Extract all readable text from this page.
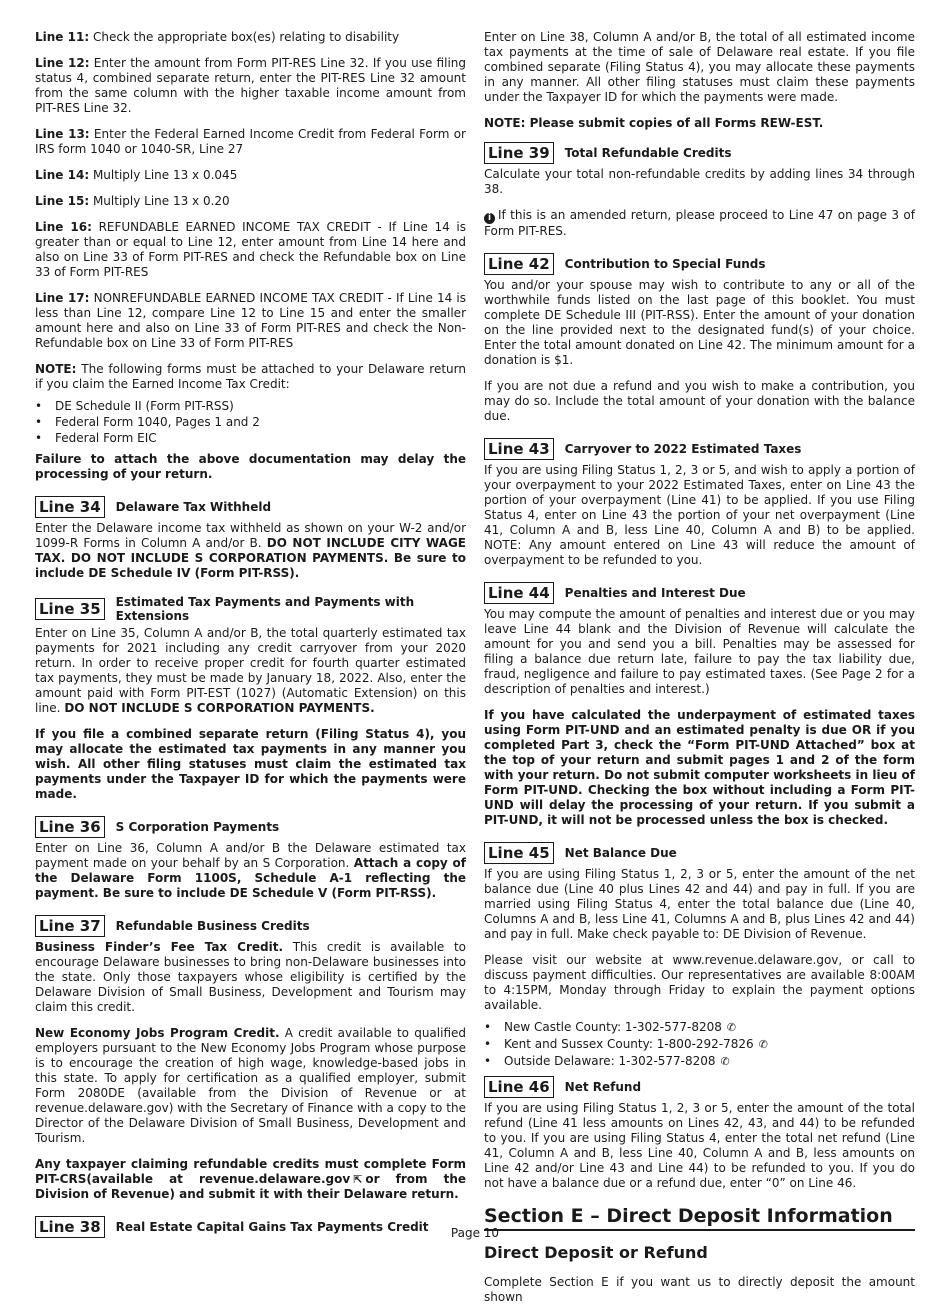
Line 11: Check the appropriate box(es) relating to disability

Line 12: Enter the amount from Form PIT-RES Line 32. If you use filing status 4, combined separate return, enter the PIT-RES Line 32 amount from the same column with the higher taxable income amount from PIT-RES Line 32.

Line 13: Enter the Federal Earned Income Credit from Federal Form or IRS form 1040 or 1040-SR, Line 27

Line 14: Multiply Line 13 x 0.045

Line 15: Multiply Line 13 x 0.20

Line 16: REFUNDABLE EARNED INCOME TAX CREDIT - If Line 14 is greater than or equal to Line 12, enter amount from Line 14 here and also on Line 33 of Form PIT-RES and check the Refundable box on Line 33 of Form PIT-RES

Line 17: NONREFUNDABLE EARNED INCOME TAX CREDIT - If Line 14 is less than Line 12, compare Line 12 to Line 15 and enter the smaller amount here and also on Line 33 of Form PIT-RES and check the Non-Refundable box on Line 33 of Form PIT-RES

NOTE: The following forms must be attached to your Delaware return if you claim the Earned Income Tax Credit:

• DE Schedule II (Form PIT-RSS)
• Federal Form 1040, Pages 1 and 2
• Federal Form EIC

Failure to attach the above documentation may delay the processing of your return.

Line 34	Delaware Tax Withheld

Enter the Delaware income tax withheld as shown on your W-2 and/or 1099-R Forms in Column A and/or B. DO NOT INCLUDE CITY WAGE TAX. DO NOT INCLUDE S CORPORATION PAYMENTS. Be sure to include DE Schedule IV (Form PIT-RSS).

Line 35	Estimated Tax Payments and Payments with Extensions

Enter on Line 35, Column A and/or B, the total quarterly estimated tax payments for 2021 including any credit carryover from your 2020 return. In order to receive proper credit for fourth quarter estimated tax payments, they must be made by January 18, 2022. Also, enter the amount paid with Form PIT-EST (1027) (Automatic Extension) on this line. DO NOT INCLUDE S CORPORATION PAYMENTS.

If you file a combined separate return (Filing Status 4), you may allocate the estimated tax payments in any manner you wish. All other filing statuses must claim the estimated tax payments under the Taxpayer ID for which the payments were made.

Line 36	S Corporation Payments

Enter on Line 36, Column A and/or B the Delaware estimated tax payment made on your behalf by an S Corporation. Attach a copy of the Delaware Form 1100S, Schedule A-1 reflecting the payment. Be sure to include DE Schedule V (Form PIT-RSS).

Line 37	Refundable Business Credits

Business Finder’s Fee Tax Credit. This credit is available to encourage Delaware businesses to bring non-Delaware businesses into the state. Only those taxpayers whose eligibility is certified by the Delaware Division of Small Business, Development and Tourism may claim this credit.

New Economy Jobs Program Credit. A credit available to qualified employers pursuant to the New Economy Jobs Program whose purpose is to encourage the creation of high wage, knowledge-based jobs in this state. To apply for certification as a qualified employer, submit Form 2080DE (available from the Division of Revenue or at revenue.delaware.gov) with the Secretary of Finance with a copy to the Director of the Delaware Division of Small Business, Development and Tourism.

Any taxpayer claiming refundable credits must complete Form PIT-CRS(available at revenue.delaware.gov ⇱ or from the Division of Revenue) and submit it with their Delaware return.

Line 38	Real Estate Capital Gains Tax Payments Credit

Enter on Line 38, Column A and/or B, the total of all estimated income tax payments at the time of sale of Delaware real estate. If you file combined separate (Filing Status 4), you may allocate these payments in any manner. All other filing statuses must claim these payments under the Taxpayer ID for which the payments were made.

NOTE: Please submit copies of all Forms REW-EST.

Line 39	Total Refundable Credits

Calculate your total non-refundable credits by adding lines 34 through 38.

i If this is an amended return, please proceed to Line 47 on page 3 of Form PIT-RES.

Line 42	Contribution to Special Funds

You and/or your spouse may wish to contribute to any or all of the worthwhile funds listed on the last page of this booklet. You must complete DE Schedule III (PIT-RSS). Enter the amount of your donation on the line provided next to the designated fund(s) of your choice. Enter the total amount donated on Line 42. The minimum amount for a donation is $1.

If you are not due a refund and you wish to make a contribution, you may do so. Include the total amount of your donation with the balance due.

Line 43	Carryover to 2022 Estimated Taxes

If you are using Filing Status 1, 2, 3 or 5, and wish to apply a portion of your overpayment to your 2022 Estimated Taxes, enter on Line 43 the portion of your overpayment (Line 41) to be applied. If you use Filing Status 4, enter on Line 43 the portion of your net overpayment (Line 41, Column A and B, less Line 40, Column A and B) to be applied. NOTE: Any amount entered on Line 43 will reduce the amount of overpayment to be refunded to you.

Line 44	Penalties and Interest Due

You may compute the amount of penalties and interest due or you may leave Line 44 blank and the Division of Revenue will calculate the amount for you and send you a bill. Penalties may be assessed for filing a balance due return late, failure to pay the tax liability due, fraud, negligence and failure to pay estimated taxes. (See Page 2 for a description of penalties and interest.)

If you have calculated the underpayment of estimated taxes using Form PIT-UND and an estimated penalty is due OR if you completed Part 3, check the “Form PIT-UND Attached” box at the top of your return and submit pages 1 and 2 of the form with your return. Do not submit computer worksheets in lieu of Form PIT-UND. Checking the box without including a Form PIT-UND will delay the processing of your return. If you submit a PIT-UND, it will not be processed unless the box is checked.

Line 45	Net Balance Due

If you are using Filing Status 1, 2, 3 or 5, enter the amount of the net balance due (Line 40 plus Lines 42 and 44) and pay in full. If you are married using Filing Status 4, enter the total balance due (Line 40, Columns A and B, less Line 41, Columns A and B, plus Lines 42 and 44) and pay in full. Make check payable to: DE Division of Revenue.

Please visit our website at www.revenue.delaware.gov, or call to discuss payment difficulties. Our representatives are available 8:00AM to 4:15PM, Monday through Friday to explain the payment options available.

• New Castle County: 1-302-577-8208 ✆
• Kent and Sussex County: 1-800-292-7826 ✆
• Outside Delaware: 1-302-577-8208 ✆
Line 46	Net Refund

If you are using Filing Status 1, 2, 3 or 5, enter the amount of the total refund (Line 41 less amounts on Lines 42, 43, and 44) to be refunded to you. If you are using Filing Status 4, enter the total net refund (Line 41, Column A and B, less Line 40, Column A and B, less amounts on Line 42 and/or Line 43 and Line 44) to be refunded to you. If you do not have a balance due or a refund due, enter “0” on Line 46.

Section E – Direct Deposit Information
Direct Deposit or Refund

Complete Section E if you want us to directly deposit the amount shown

Page 10
